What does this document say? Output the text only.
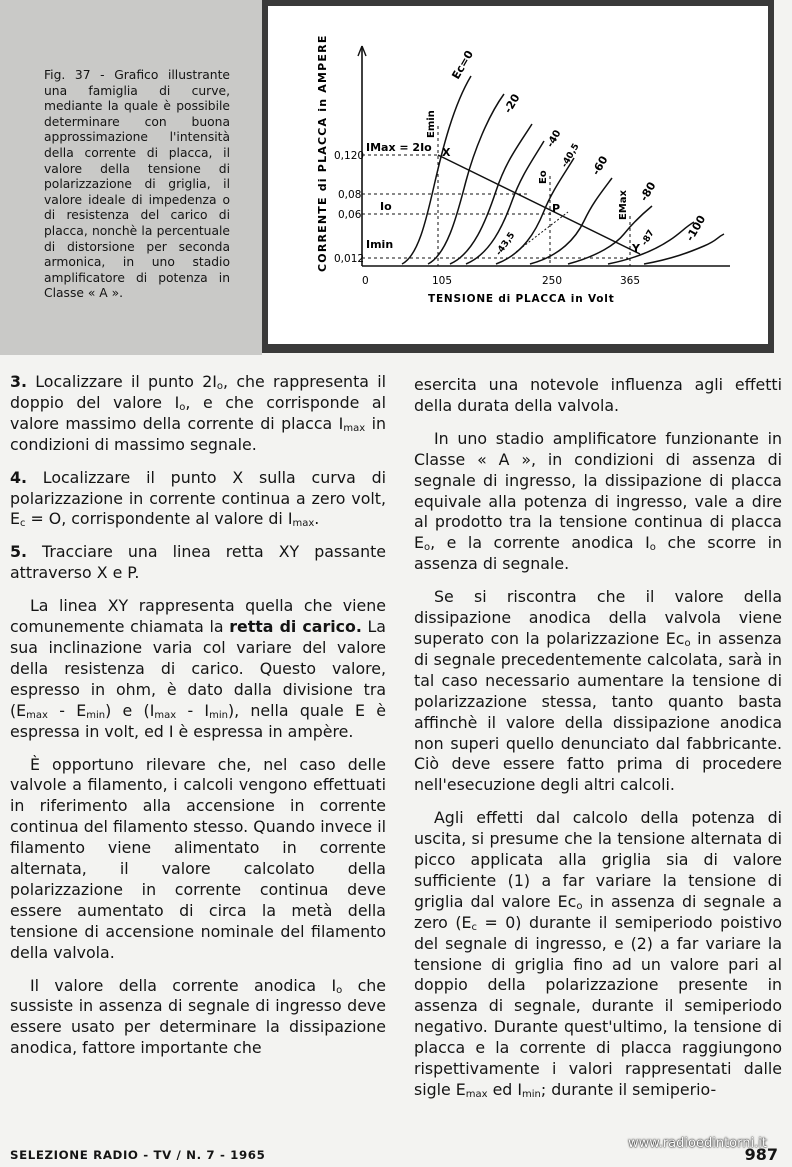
Fig. 37 - Grafico illustrante una famiglia di curve, mediante la quale è possibile determinare con buona approssimazione l'intensità della corrente di placca, il valore della tensione di polarizzazione di griglia, il valore ideale di impedenza o di resistenza del carico di placca, nonchè la percentuale di distorsione per seconda armonica, in uno stadio amplificatore di potenza in Classe « A ».

CORRENTE di PLACCA in AMPERE 0,120
0,08
0,06
0,012
0	105	250	365
TENSIONE di PLACCA in Volt
Ec=0
-20
-40
-40,5 -60
-80
-87 -100
-43,5
IMax = 2Io
Io
Imin
Emin
Eo
EMax
X
P
Y

3. Localizzare il punto $2I_o$, che rappresenta il doppio del valore $I_o$, e che corrisponde al valore massimo della corrente di placca $I_{max}$ in condizioni di massimo segnale.

4. Localizzare il punto X sulla curva di polarizzazione in corrente continua a zero volt, $E_c = O$, corrispondente al valore di $I_{max}$.

5. Tracciare una linea retta XY passante attraverso X e P.

La linea XY rappresenta quella che viene comunemente chiamata la retta di carico. La sua inclinazione varia col variare del valore della resistenza di carico. Questo valore, espresso in ohm, è dato dalla divisione tra $(E_{max} - E_{min})$ e $(I_{max} - I_{min})$, nella quale E è espressa in volt, ed I è espressa in ampère.

È opportuno rilevare che, nel caso delle valvole a filamento, i calcoli vengono effettuati in riferimento alla accensione in corrente continua del filamento stesso. Quando invece il filamento viene alimentato in corrente alternata, il valore calcolato della polarizzazione in corrente continua deve essere aumentato di circa la metà della tensione di accensione nominale del filamento della valvola.

Il valore della corrente anodica $I_o$ che sussiste in assenza di segnale di ingresso deve essere usato per determinare la dissipazione anodica, fattore importante che

esercita una notevole influenza agli effetti della durata della valvola.

In uno stadio amplificatore funzionante in Classe « A », in condizioni di assenza di segnale di ingresso, la dissipazione di placca equivale alla potenza di ingresso, vale a dire al prodotto tra la tensione continua di placca $E_o$, e la corrente anodica $I_o$ che scorre in assenza di segnale.

Se si riscontra che il valore della dissipazione anodica della valvola viene superato con la polarizzazione $Ec_o$ in assenza di segnale precedentemente calcolata, sarà in tal caso necessario aumentare la tensione di polarizzazione stessa, tanto quanto basta affinchè il valore della dissipazione anodica non superi quello denunciato dal fabbricante. Ciò deve essere fatto prima di procedere nell'esecuzione degli altri calcoli.

Agli effetti dal calcolo della potenza di uscita, si presume che la tensione alternata di picco applicata alla griglia sia di valore sufficiente (1) a far variare la tensione di griglia dal valore $Ec_o$ in assenza di segnale a zero $(E_c = 0)$ durante il semiperiodo poistivo del segnale di ingresso, e (2) a far variare la tensione di griglia fino ad un valore pari al doppio della polarizzazione presente in assenza di segnale, durante il semiperiodo negativo. Durante quest'ultimo, la tensione di placca e la corrente di placca raggiungono rispettivamente i valori rappresentati dalle sigle $E_{max}$ ed $I_{min}$; durante il semiperio-

SELEZIONE RADIO - TV / N. 7 - 1965
www.radioedintorni.it
987
